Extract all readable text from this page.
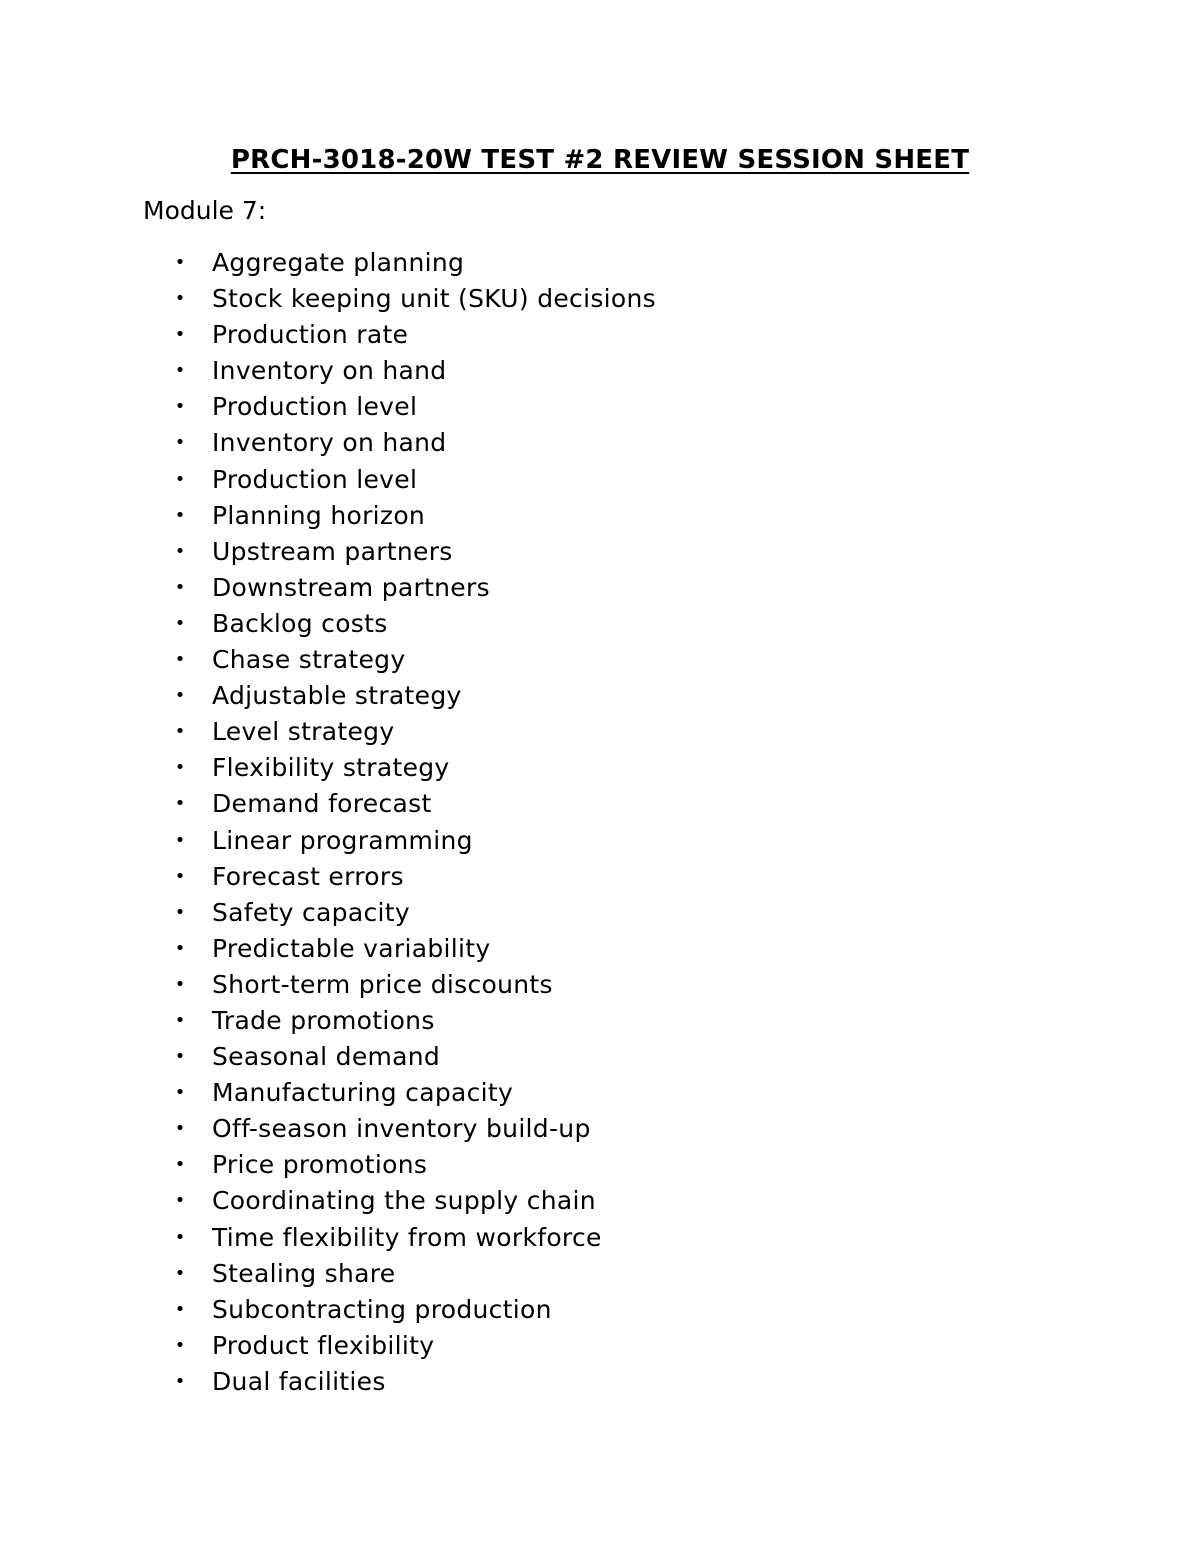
PRCH-3018-20W TEST #2 REVIEW SESSION SHEET
Module 7:
• Aggregate planning
• Stock keeping unit (SKU) decisions
• Production rate
• Inventory on hand
• Production level
• Inventory on hand
• Production level
• Planning horizon
• Upstream partners
• Downstream partners
• Backlog costs
• Chase strategy
• Adjustable strategy
• Level strategy
• Flexibility strategy
• Demand forecast
• Linear programming
• Forecast errors
• Safety capacity
• Predictable variability
• Short-term price discounts
• Trade promotions
• Seasonal demand
• Manufacturing capacity
• Off-season inventory build-up
• Price promotions
• Coordinating the supply chain
• Time flexibility from workforce
• Stealing share
• Subcontracting production
• Product flexibility
• Dual facilities
